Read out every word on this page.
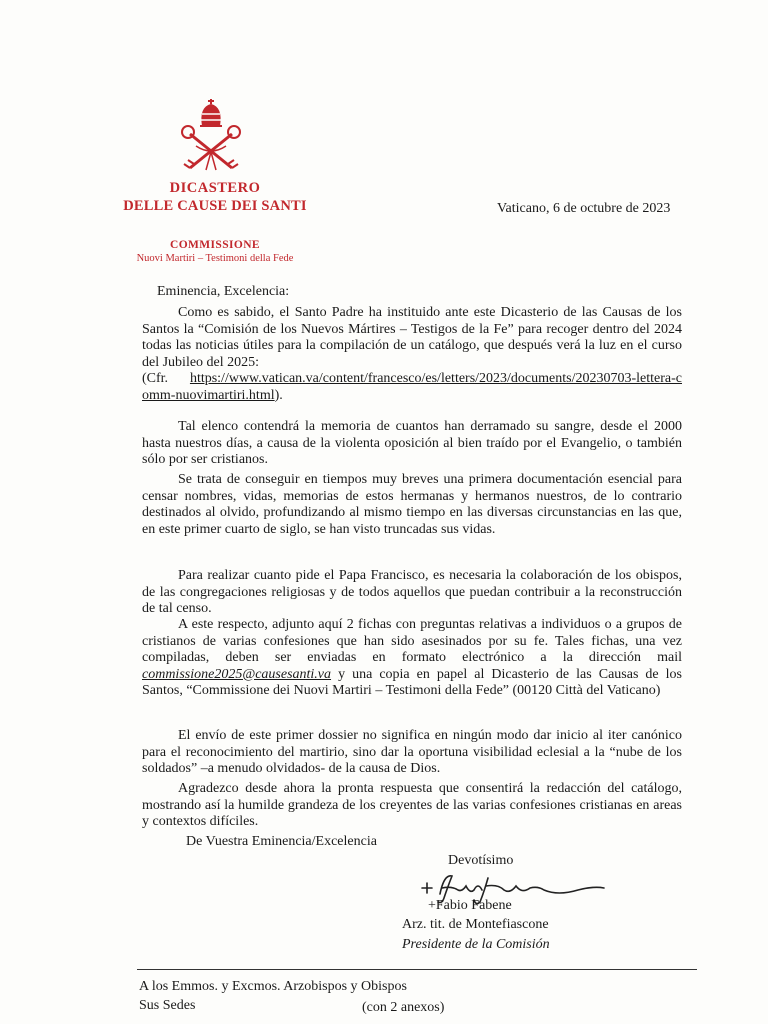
DICASTERO
DELLE CAUSE DEI SANTI
COMMISSIONE
Nuovi Martiri – Testimoni della Fede
Vaticano, 6 de octubre de 2023
Eminencia, Excelencia:

Como es sabido, el Santo Padre ha instituido ante este Dicasterio de las Causas de los Santos la “Comisión de los Nuevos Mártires – Testigos de la Fe” para recoger dentro del 2024 todas las noticias útiles para la compilación de un catálogo, que después verá la luz en el curso del Jubileo del 2025:

(Cfr. https://www.vatican.va/content/francesco/es/letters/2023/documents/20230703-lettera-comm-nuovimartiri.html).

Tal elenco contendrá la memoria de cuantos han derramado su sangre, desde el 2000 hasta nuestros días, a causa de la violenta oposición al bien traído por el Evangelio, o también sólo por ser cristianos.

Se trata de conseguir en tiempos muy breves una primera documentación esencial para censar nombres, vidas, memorias de estos hermanas y hermanos nuestros, de lo contrario destinados al olvido, profundizando al mismo tiempo en las diversas circunstancias en las que, en este primer cuarto de siglo, se han visto truncadas sus vidas.

Para realizar cuanto pide el Papa Francisco, es necesaria la colaboración de los obispos, de las congregaciones religiosas y de todos aquellos que puedan contribuir a la reconstrucción de tal censo.

A este respecto, adjunto aquí 2 fichas con preguntas relativas a individuos o a grupos de cristianos de varias confesiones que han sido asesinados por su fe. Tales fichas, una vez compiladas, deben ser enviadas en formato electrónico a la dirección mail commissione2025@causesanti.va y una copia en papel al Dicasterio de las Causas de los Santos, “Commissione dei Nuovi Martiri – Testimoni della Fede” (00120 Città del Vaticano)

El envío de este primer dossier no significa en ningún modo dar inicio al iter canónico para el reconocimiento del martirio, sino dar la oportuna visibilidad eclesial a la “nube de los soldados” –a menudo olvidados- de la causa de Dios.

Agradezco desde ahora la pronta respuesta que consentirá la redacción del catálogo, mostrando así la humilde grandeza de los creyentes de las varias confesiones cristianas en areas y contextos difíciles.

De Vuestra Eminencia/Excelencia
Devotísimo
+Fabio Fabene
Arz. tit. de Montefiascone
Presidente de la Comisión
A los Emmos. y Excmos. Arzobispos y Obispos
Sus Sedes	(con 2 anexos)
